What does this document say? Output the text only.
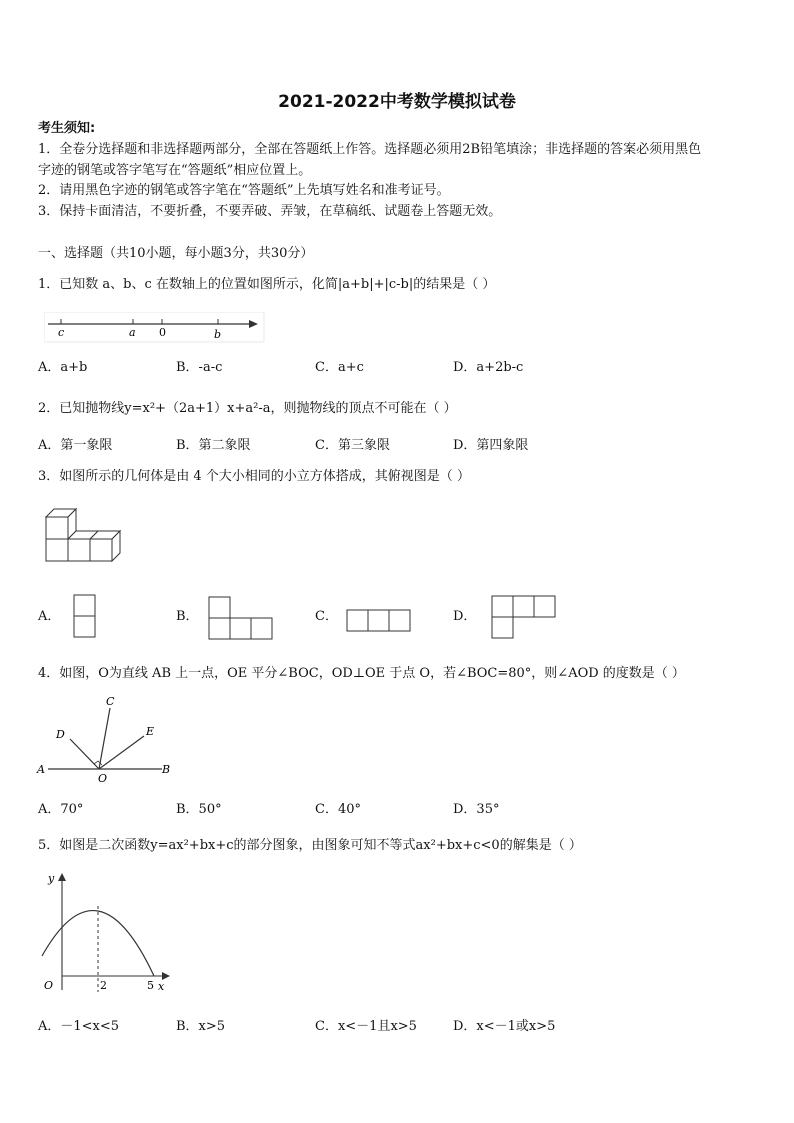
2021-2022中考数学模拟试卷
考生须知:
1．全卷分选择题和非选择题两部分，全部在答题纸上作答。选择题必须用2B铅笔填涂；非选择题的答案必须用黑色
字迹的钢笔或答字笔写在“答题纸”相应位置上。
2．请用黑色字迹的钢笔或答字笔在“答题纸”上先填写姓名和准考证号。
3．保持卡面清洁，不要折叠，不要弄破、弄皱，在草稿纸、试题卷上答题无效。
一、选择题（共10小题，每小题3分，共30分）
1．已知数 a、b、c 在数轴上的位置如图所示，化简|a+b|+|c-b|的结果是（ ）
c	a 0	b
A．a+b	B．-a-c	C．a+c	D．a+2b-c
2．已知抛物线y=x²+（2a+1）x+a²-a，则抛物线的顶点不可能在（ ）
A．第一象限	B．第二象限	C．第三象限	D．第四象限
3．如图所示的几何体是由 4 个大小相同的小立方体搭成，其俯视图是（ ）
A．	B．	C．	D．
4．如图，O为直线 AB 上一点，OE 平分∠BOC，OD⊥OE 于点 O，若∠BOC=80°，则∠AOD 的度数是（ ）
C
D	E
A
O
B
A．70°	B．50°	C．40°	D．35°
5．如图是二次函数y=ax²+bx+c的部分图象，由图象可知不等式ax²+bx+c<0的解集是（ ）
y
O	2	5 x
A．－1<x<5	B．x>5	C．x<－1且x>5	D．x<－1或x>5
